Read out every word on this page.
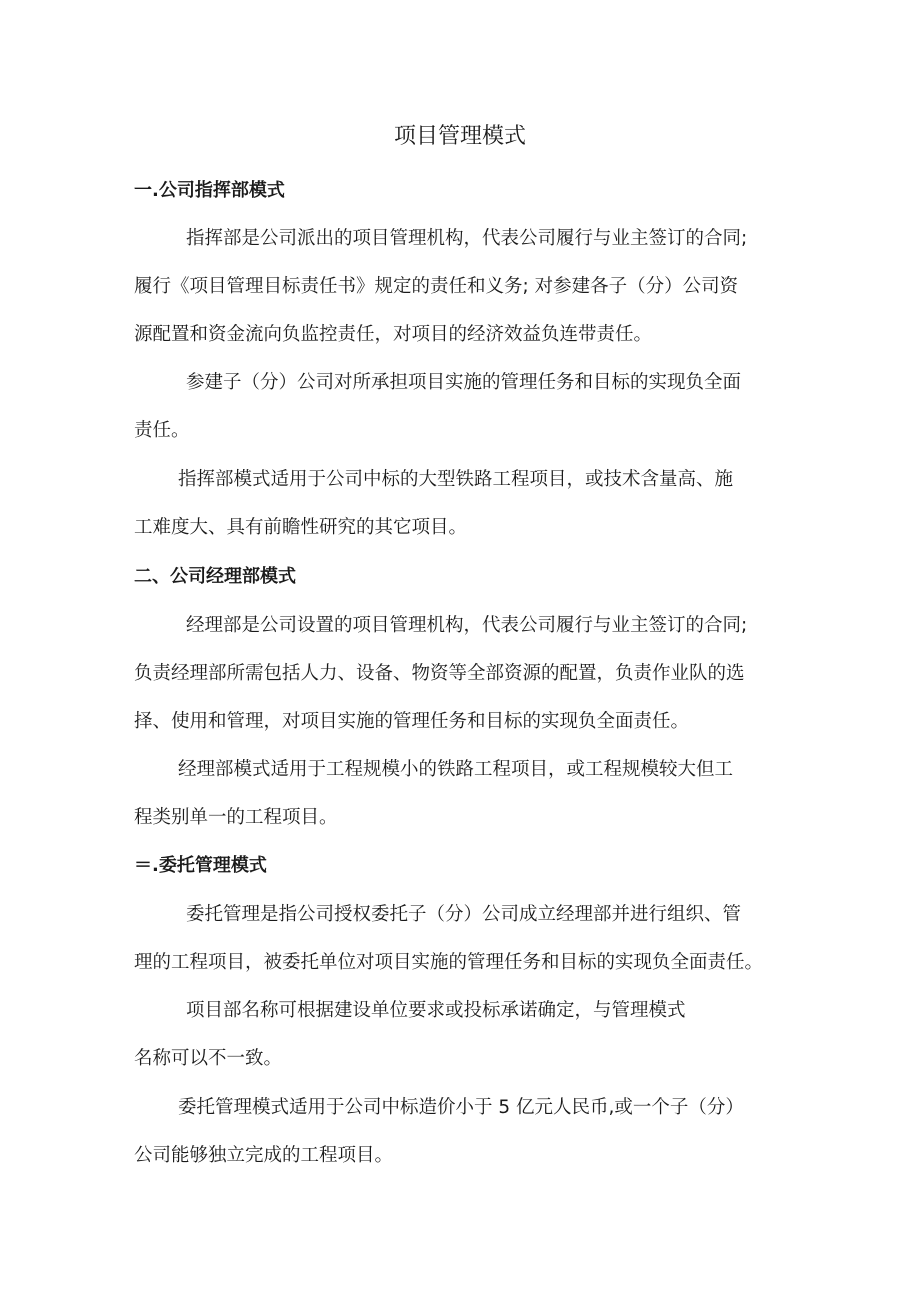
项目管理模式
一.公司指挥部模式
指挥部是公司派出的项目管理机构，代表公司履行与业主签订的合同;
履行《项目管理目标责任书》规定的责任和义务; 对参建各子（分）公司资
源配置和资金流向负监控责任，对项目的经济效益负连带责任。
参建子（分）公司对所承担项目实施的管理任务和目标的实现负全面
责任。
指挥部模式适用于公司中标的大型铁路工程项目，或技术含量高、施
工难度大、具有前瞻性研究的其它项目。
二、公司经理部模式
经理部是公司设置的项目管理机构，代表公司履行与业主签订的合同;
负责经理部所需包括人力、设备、物资等全部资源的配置，负责作业队的选
择、使用和管理，对项目实施的管理任务和目标的实现负全面责任。
经理部模式适用于工程规模小的铁路工程项目，或工程规模较大但工
程类别单一的工程项目。
＝.委托管理模式
委托管理是指公司授权委托子（分）公司成立经理部并进行组织、管
理的工程项目，被委托单位对项目实施的管理任务和目标的实现负全面责任。
项目部名称可根据建设单位要求或投标承诺确定，与管理模式
名称可以不一致。
委托管理模式适用于公司中标造价小于 5 亿元人民币,或一个子（分）
公司能够独立完成的工程项目。
